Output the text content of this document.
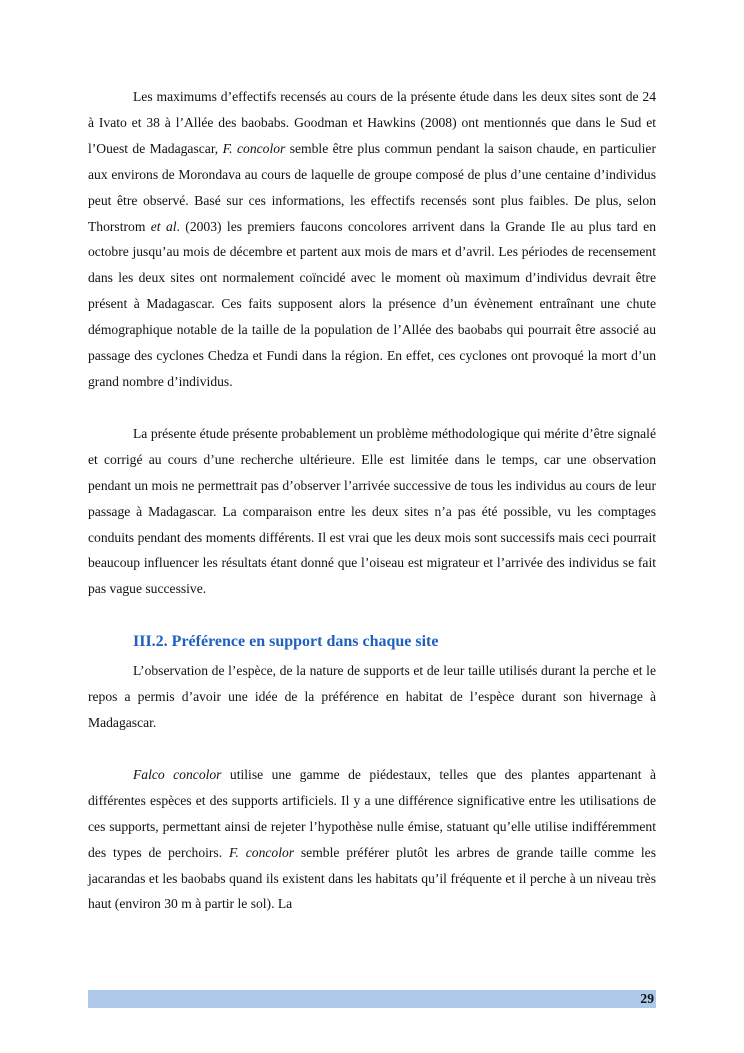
Les maximums d’effectifs recensés au cours de la présente étude dans les deux sites sont de 24 à Ivato et 38 à l’Allée des baobabs. Goodman et Hawkins (2008) ont mentionnés que dans le Sud et l’Ouest de Madagascar, F. concolor semble être plus commun pendant la saison chaude, en particulier aux environs de Morondava au cours de laquelle de groupe composé de plus d’une centaine d’individus peut être observé. Basé sur ces informations, les effectifs recensés sont plus faibles. De plus, selon Thorstrom et al. (2003) les premiers faucons concolores arrivent dans la Grande Ile au plus tard en octobre jusqu’au mois de décembre et partent aux mois de mars et d’avril. Les périodes de recensement dans les deux sites ont normalement coïncidé avec le moment où maximum d’individus devrait être présent à Madagascar. Ces faits supposent alors la présence d’un évènement entraînant une chute démographique notable de la taille de la population de l’Allée des baobabs qui pourrait être associé au passage des cyclones Chedza et Fundi dans la région. En effet, ces cyclones ont provoqué la mort d’un grand nombre d’individus.

La présente étude présente probablement un problème méthodologique qui mérite d’être signalé et corrigé au cours d’une recherche ultérieure. Elle est limitée dans le temps, car une observation pendant un mois ne permettrait pas d’observer l’arrivée successive de tous les individus au cours de leur passage à Madagascar. La comparaison entre les deux sites n’a pas été possible, vu les comptages conduits pendant des moments différents. Il est vrai que les deux mois sont successifs mais ceci pourrait beaucoup influencer les résultats étant donné que l’oiseau est migrateur et l’arrivée des individus se fait pas vague successive.

III.2. Préférence en support dans chaque site

L’observation de l’espèce, de la nature de supports et de leur taille utilisés durant la perche et le repos a permis d’avoir une idée de la préférence en habitat de l’espèce durant son hivernage à Madagascar.

Falco concolor utilise une gamme de piédestaux, telles que des plantes appartenant à différentes espèces et des supports artificiels. Il y a une différence significative entre les utilisations de ces supports, permettant ainsi de rejeter l’hypothèse nulle émise, statuant qu’elle utilise indifféremment des types de perchoirs. F. concolor semble préférer plutôt les arbres de grande taille comme les jacarandas et les baobabs quand ils existent dans les habitats qu’il fréquente et il perche à un niveau très haut (environ 30 m à partir le sol). La

29
